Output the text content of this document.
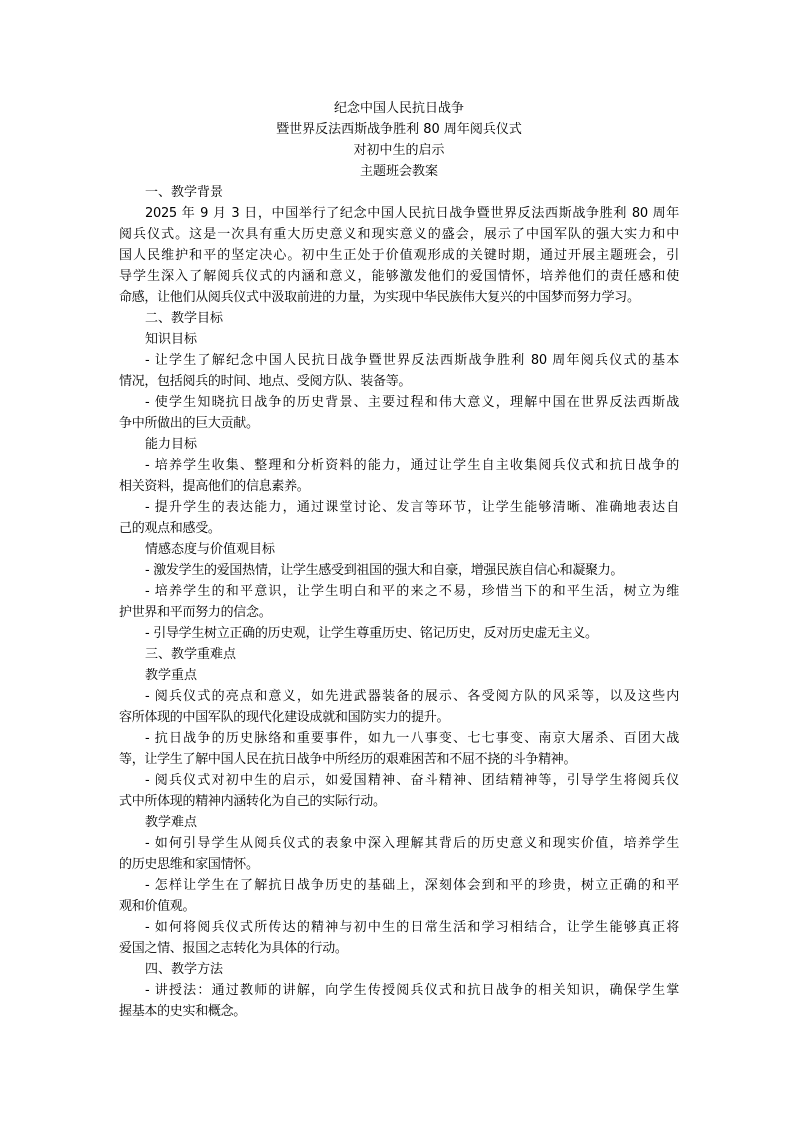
纪念中国人民抗日战争
暨世界反法西斯战争胜利 80 周年阅兵仪式
对初中生的启示
主题班会教案
一、教学背景
2025 年 9 月 3 日，中国举行了纪念中国人民抗日战争暨世界反法西斯战争胜利 80 周年
阅兵仪式。这是一次具有重大历史意义和现实意义的盛会，展示了中国军队的强大实力和中
国人民维护和平的坚定决心。初中生正处于价值观形成的关键时期，通过开展主题班会，引
导学生深入了解阅兵仪式的内涵和意义，能够激发他们的爱国情怀，培养他们的责任感和使
命感，让他们从阅兵仪式中汲取前进的力量，为实现中华民族伟大复兴的中国梦而努力学习。
二、教学目标
知识目标
- 让学生了解纪念中国人民抗日战争暨世界反法西斯战争胜利 80 周年阅兵仪式的基本
情况，包括阅兵的时间、地点、受阅方队、装备等。
- 使学生知晓抗日战争的历史背景、主要过程和伟大意义，理解中国在世界反法西斯战
争中所做出的巨大贡献。
能力目标
- 培养学生收集、整理和分析资料的能力，通过让学生自主收集阅兵仪式和抗日战争的
相关资料，提高他们的信息素养。
- 提升学生的表达能力，通过课堂讨论、发言等环节，让学生能够清晰、准确地表达自
己的观点和感受。
情感态度与价值观目标
- 激发学生的爱国热情，让学生感受到祖国的强大和自豪，增强民族自信心和凝聚力。
- 培养学生的和平意识，让学生明白和平的来之不易，珍惜当下的和平生活，树立为维
护世界和平而努力的信念。
- 引导学生树立正确的历史观，让学生尊重历史、铭记历史，反对历史虚无主义。
三、教学重难点
教学重点
- 阅兵仪式的亮点和意义，如先进武器装备的展示、各受阅方队的风采等，以及这些内
容所体现的中国军队的现代化建设成就和国防实力的提升。
- 抗日战争的历史脉络和重要事件，如九一八事变、七七事变、南京大屠杀、百团大战
等，让学生了解中国人民在抗日战争中所经历的艰难困苦和不屈不挠的斗争精神。
- 阅兵仪式对初中生的启示，如爱国精神、奋斗精神、团结精神等，引导学生将阅兵仪
式中所体现的精神内涵转化为自己的实际行动。
教学难点
- 如何引导学生从阅兵仪式的表象中深入理解其背后的历史意义和现实价值，培养学生
的历史思维和家国情怀。
- 怎样让学生在了解抗日战争历史的基础上，深刻体会到和平的珍贵，树立正确的和平
观和价值观。
- 如何将阅兵仪式所传达的精神与初中生的日常生活和学习相结合，让学生能够真正将
爱国之情、报国之志转化为具体的行动。
四、教学方法
- 讲授法：通过教师的讲解，向学生传授阅兵仪式和抗日战争的相关知识，确保学生掌
握基本的史实和概念。
